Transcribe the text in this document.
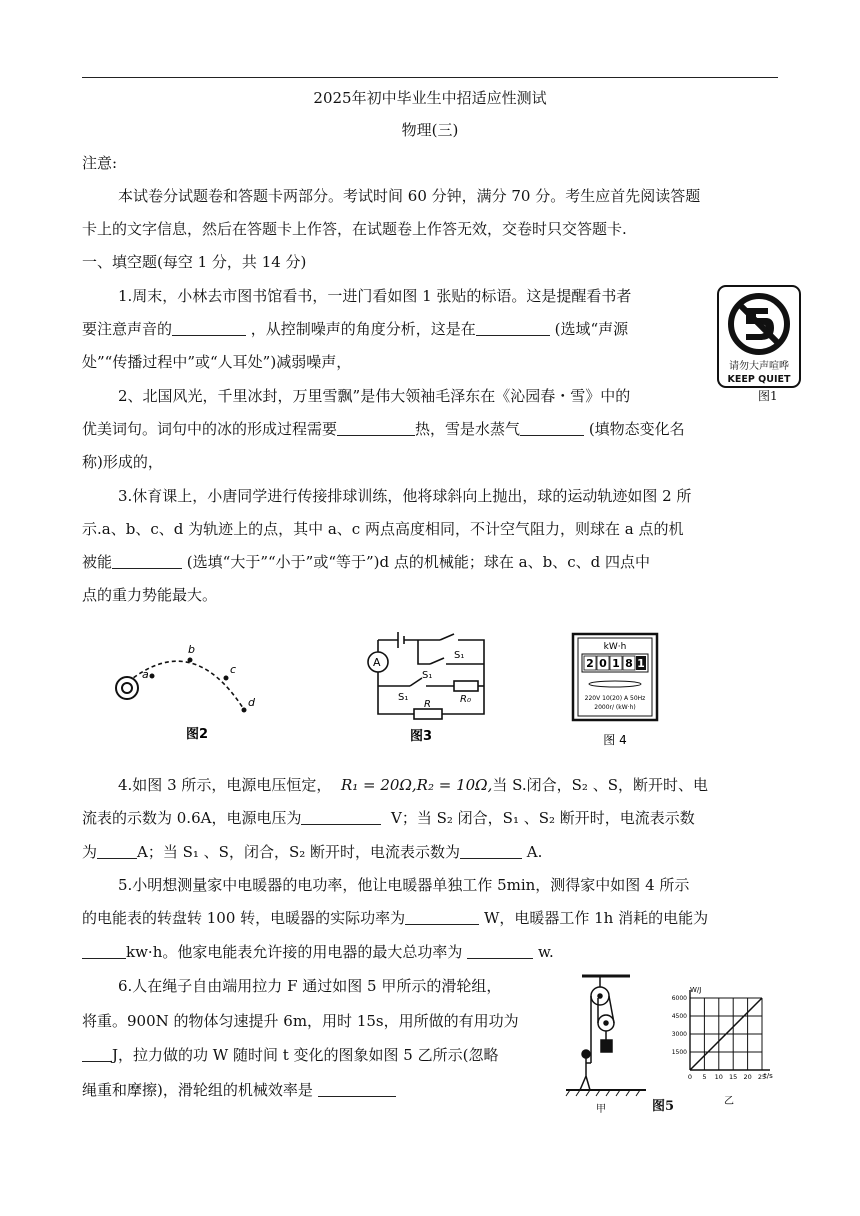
2025年初中毕业生中招适应性测试
物理(三)
注意:
本试卷分试题卷和答题卡两部分。考试时间 60 分钟，满分 70 分。考生应首先阅读答题
卡上的文字信息，然后在答题卡上作答，在试题卷上作答无效，交卷时只交答题卡.
一、填空题(每空 1 分，共 14 分)
1.周末，小林去市图书馆看书，一进门看如图 1 张贴的标语。这是提醒看书者
要注意声音的	，从控制噪声的角度分析，这是在	(选域“声源
处”“传播过程中”或“人耳处”)减弱噪声，	请勿大声喧哗
KEEP QUIET
图1
2、北国风光，千里冰封，万里雪飘”是伟大领袖毛泽东在《沁园春・雪》中的
优美词句。词句中的冰的形成过程需要	热，雪是水蒸气	(填物态变化名
称)形成的，
3.休育课上，小唐同学进行传接排球训练，他将球斜向上抛出，球的运动轨迹如图 2 所
示.a、b、c、d 为轨迹上的点，其中 a、c 两点高度相同，不计空气阻力，则球在 a 点的机
被能	(选填“大于”“小于”或“等于”)d 点的机械能；球在 a、b、c、d 四点中
点的重力势能最大。
a
b
c
d
图2
A
S₁
S₁
S₁	R₀
R
图3
kW·h
2 0 1 8 1
220V 10(20) A 50Hz
2000r/ (kW·h)
图 4
4.如图 3 所示，电源电压恒定， R₁ = 20Ω,R₂ = 10Ω,当 S.闭合，S₂ 、S，断开时、电
流表的示数为 0.6A，电源电压为	V；当 S₂ 闭合，S₁ 、S₂ 断开时，电流表示数
为	A；当 S₁ 、S，闭合，S₂ 断开时，电流表示数为	A.
5.小明想测量家中电暖器的电功率，他让电暖器单独工作 5min，测得家中如图 4 所示
的电能表的转盘转 100 转，电暖器的实际功率为	W，电暖器工作 1h 消耗的电能为
kw·h。他家电能表允许接的用电器的最大总功率为	w.
6.人在绳子自由端用拉力 F 通过如图 5 甲所示的滑轮组，
将重。900N 的物体匀速提升 6m，用时 15s，用所做的有用功为
J，拉力做的功 W 随时间 t 变化的图象如图 5 乙所示(忽略
绳重和摩擦)，滑轮组的机械效率是
甲	图5
W/J
t/s
乙
0 5 10 15 20 25
6000
4500
3000
1500
